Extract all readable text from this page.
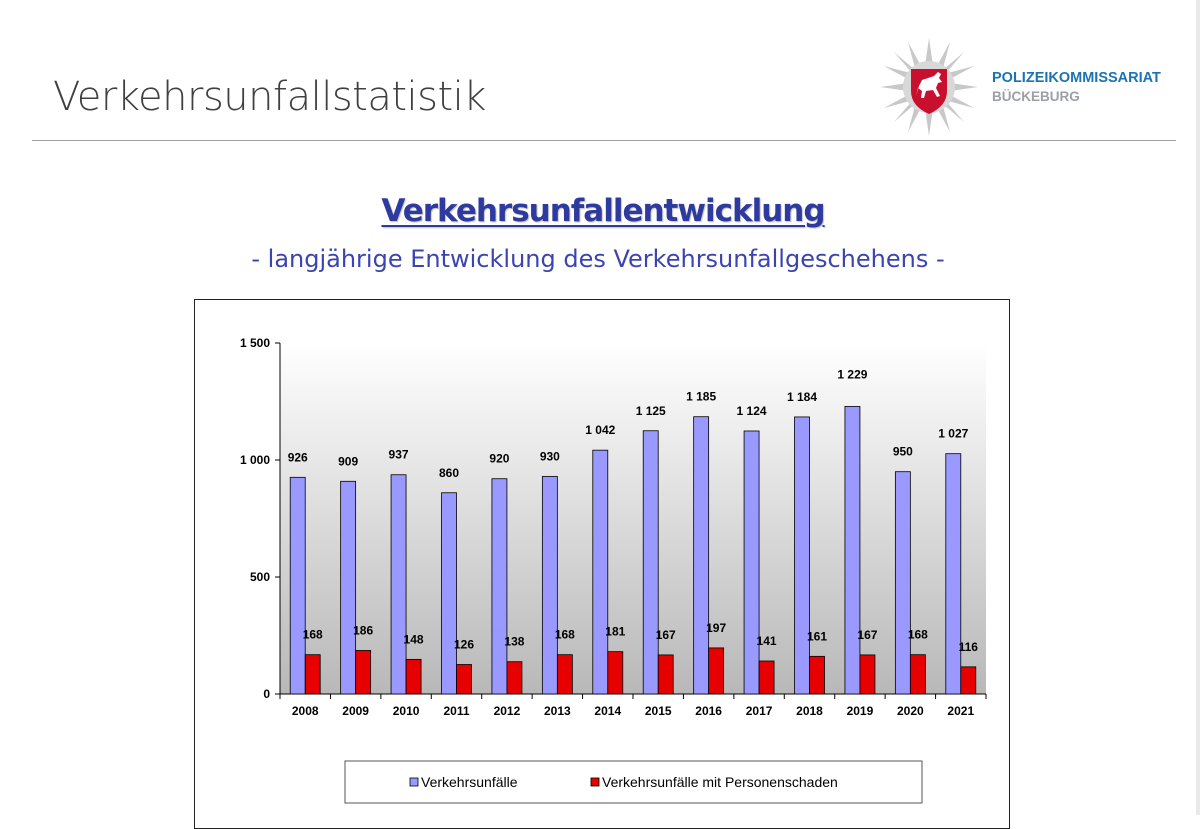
Verkehrsunfallstatistik	POLIZEIKOMMISSARIAT
BÜCKEBURG
Verkehrsunfallentwicklung
- langjährige Entwicklung des Verkehrsunfallgeschehens -
0
500
1 000
1 500
2008 2009 2010 2011 2012 2013 2014 2015 2016 2017 2018 2019 2020 2021
926
168
909
186
937
148
860
126
920
138
930
168
1 042
181
1 125
167
1 185
197
1 124
141
1 184
161
1 229
167
950
168
1 027
116
Verkehrsunfälle	Verkehrsunfälle mit Personenschaden
